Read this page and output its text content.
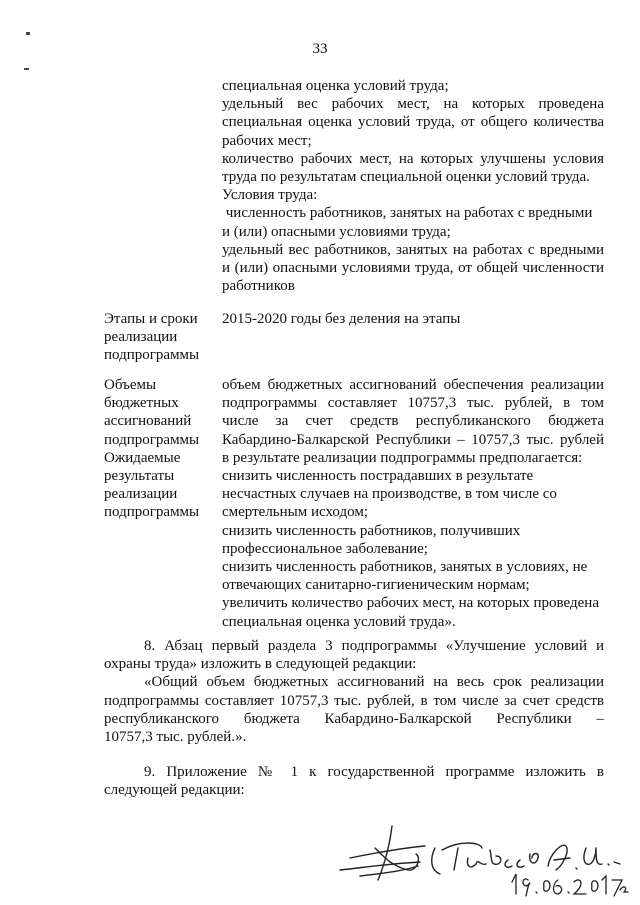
33
специальная оценка условий труда;
удельный вес рабочих мест, на которых проведена
специальная оценка условий труда, от общего количества
рабочих мест;
количество рабочих мест, на которых улучшены условия
труда по результатам специальной оценки условий труда.
Условия труда:
численность работников, занятых на работах с вредными
и (или) опасными условиями труда;
удельный вес работников, занятых на работах с вредными
и (или) опасными условиями труда, от общей численности
работников
Этапы и сроки
реализации
подпрограммы
2015-2020 годы без деления на этапы
Объемы
бюджетных
ассигнований
подпрограммы
Ожидаемые
результаты
реализации
подпрограммы
объем бюджетных ассигнований обеспечения реализации
подпрограммы составляет 10757,3 тыс. рублей, в том
числе за счет средств республиканского бюджета
Кабардино-Балкарской Республики – 10757,3 тыс. рублей
в результате реализации подпрограммы предполагается:
снизить численность пострадавших в результате
несчастных случаев на производстве, в том числе со
смертельным исходом;
снизить численность работников, получивших
профессиональное заболевание;
снизить численность работников, занятых в условиях, не
отвечающих санитарно-гигиеническим нормам;
увеличить количество рабочих мест, на которых проведена
специальная оценка условий труда».
8. Абзац первый раздела 3 подпрограммы «Улучшение условий и
охраны труда» изложить в следующей редакции:
«Общий объем бюджетных ассигнований на весь срок реализации
подпрограммы составляет 10757,3 тыс. рублей, в том числе за счет средств
республиканского бюджета Кабардино-Балкарской Республики –
10757,3 тыс. рублей.».
9. Приложение № 1 к государственной программе изложить в
следующей редакции:
